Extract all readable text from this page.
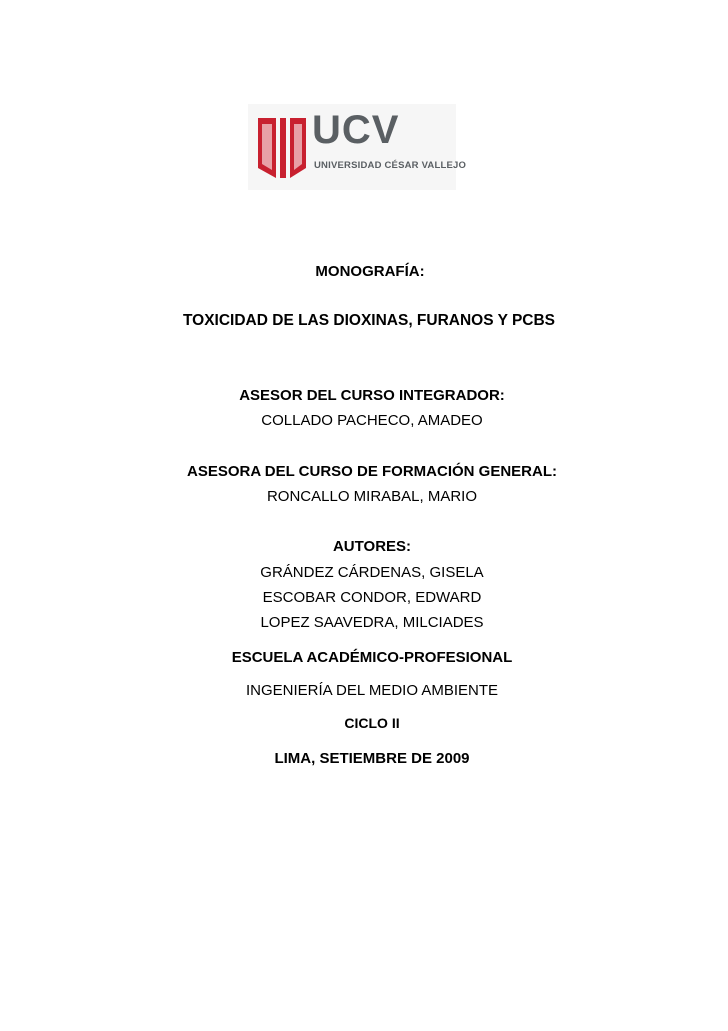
UCV
UNIVERSIDAD CÉSAR VALLEJO
MONOGRAFÍA:
TOXICIDAD DE LAS DIOXINAS, FURANOS Y PCBS
ASESOR DEL CURSO INTEGRADOR:
COLLADO PACHECO, AMADEO
ASESORA DEL CURSO DE FORMACIÓN GENERAL:
RONCALLO MIRABAL, MARIO
AUTORES:
GRÁNDEZ CÁRDENAS, GISELA
ESCOBAR CONDOR, EDWARD
LOPEZ SAAVEDRA, MILCIADES
ESCUELA ACADÉMICO-PROFESIONAL
INGENIERÍA DEL MEDIO AMBIENTE
CICLO II
LIMA, SETIEMBRE DE 2009
